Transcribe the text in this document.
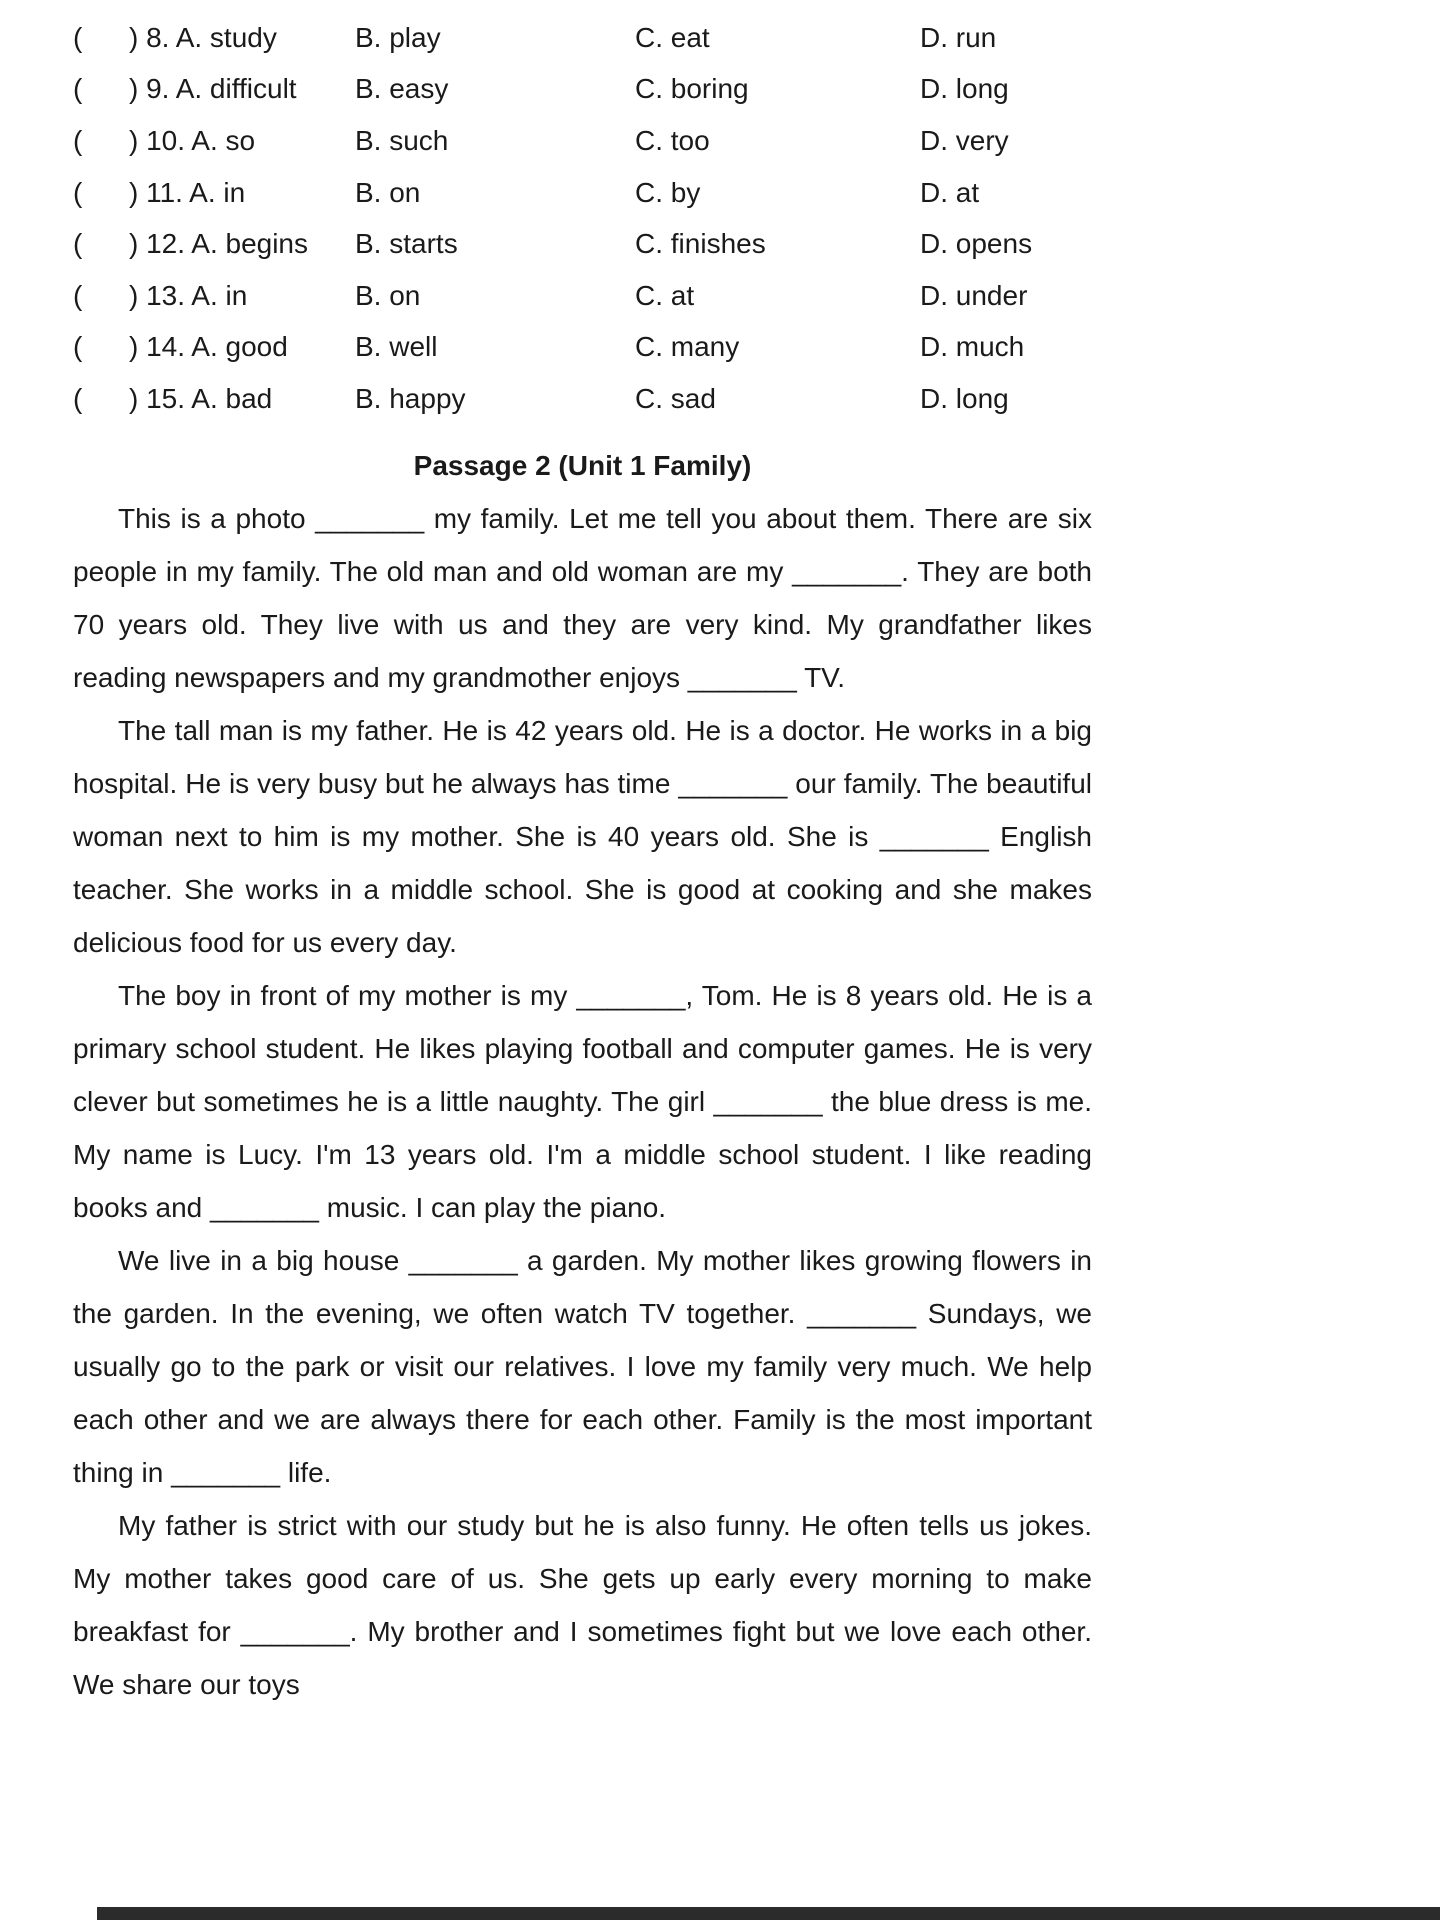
(      ) 8. A. study	B. play	C. eat	D. run
(      ) 9. A. difficult	B. easy	C. boring	D. long
(      ) 10. A. so	B. such	C. too	D. very
(      ) 11. A. in	B. on	C. by	D. at
(      ) 12. A. begins	B. starts	C. finishes	D. opens
(      ) 13. A. in	B. on	C. at	D. under
(      ) 14. A. good	B. well	C. many	D. much
(      ) 15. A. bad	B. happy	C. sad	D. long
Passage 2 (Unit 1 Family)

This is a photo _______ my family. Let me tell you about them. There are six people in my family. The old man and old woman are my _______. They are both 70 years old. They live with us and they are very kind. My grandfather likes reading newspapers and my grandmother enjoys _______ TV.

The tall man is my father. He is 42 years old. He is a doctor. He works in a big hospital. He is very busy but he always has time _______ our family. The beautiful woman next to him is my mother. She is 40 years old. She is _______ English teacher. She works in a middle school. She is good at cooking and she makes delicious food for us every day.

The boy in front of my mother is my _______, Tom. He is 8 years old. He is a primary school student. He likes playing football and computer games. He is very clever but sometimes he is a little naughty. The girl _______ the blue dress is me. My name is Lucy. I'm 13 years old. I'm a middle school student. I like reading books and _______ music. I can play the piano.

We live in a big house _______ a garden. My mother likes growing flowers in the garden. In the evening, we often watch TV together. _______ Sundays, we usually go to the park or visit our relatives. I love my family very much. We help each other and we are always there for each other. Family is the most important thing in _______ life.

My father is strict with our study but he is also funny. He often tells us jokes. My mother takes good care of us. She gets up early every morning to make breakfast for _______. My brother and I sometimes fight but we love each other. We share our toys
